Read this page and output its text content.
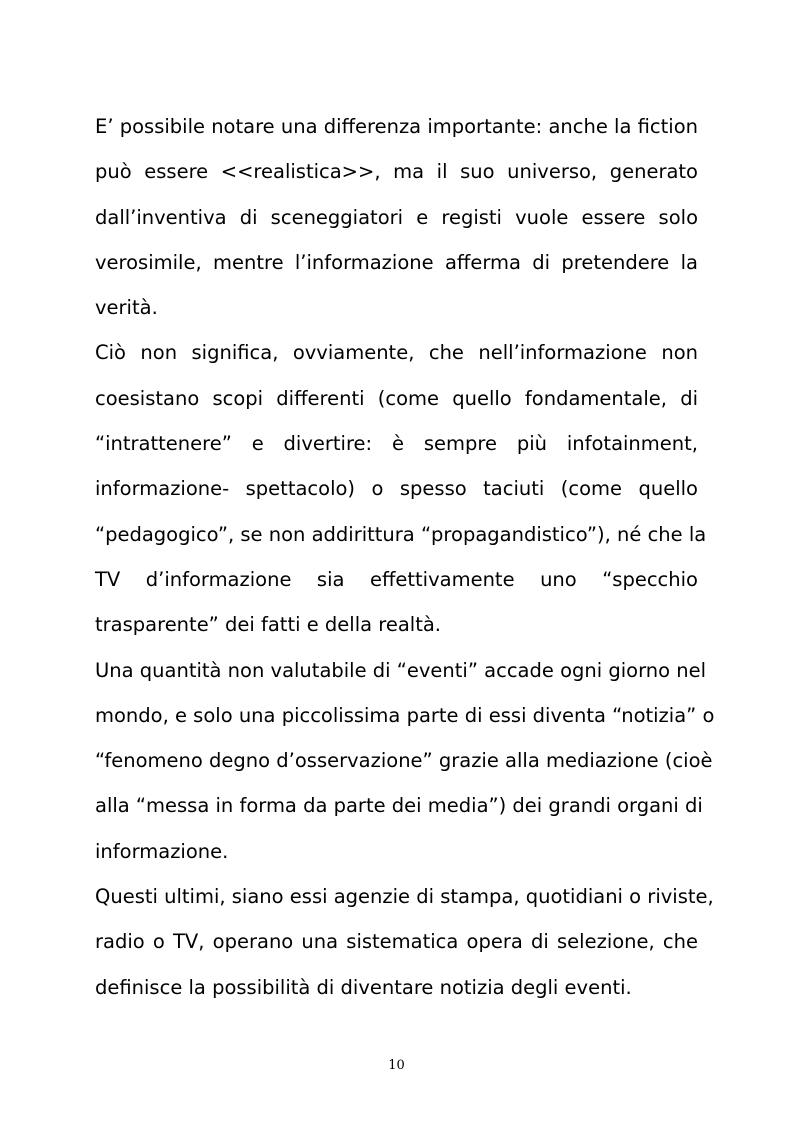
E’ possibile notare una differenza importante: anche la fiction
può essere <<realistica>>, ma il suo universo, generato
dall’inventiva di sceneggiatori e registi vuole essere solo
verosimile, mentre l’informazione afferma di pretendere la
verità.
Ciò non significa, ovviamente, che nell’informazione non
coesistano scopi differenti (come quello fondamentale, di
“intrattenere” e divertire: è sempre più infotainment,
informazione- spettacolo) o spesso taciuti (come quello
“pedagogico”, se non addirittura “propagandistico”), né che la
TV d’informazione sia effettivamente uno “specchio
trasparente” dei fatti e della realtà.
Una quantità non valutabile di “eventi” accade ogni giorno nel
mondo, e solo una piccolissima parte di essi diventa “notizia” o
“fenomeno degno d’osservazione” grazie alla mediazione (cioè
alla “messa in forma da parte dei media”) dei grandi organi di
informazione.
Questi ultimi, siano essi agenzie di stampa, quotidiani o riviste,
radio o TV, operano una sistematica opera di selezione, che
definisce la possibilità di diventare notizia degli eventi.
10
